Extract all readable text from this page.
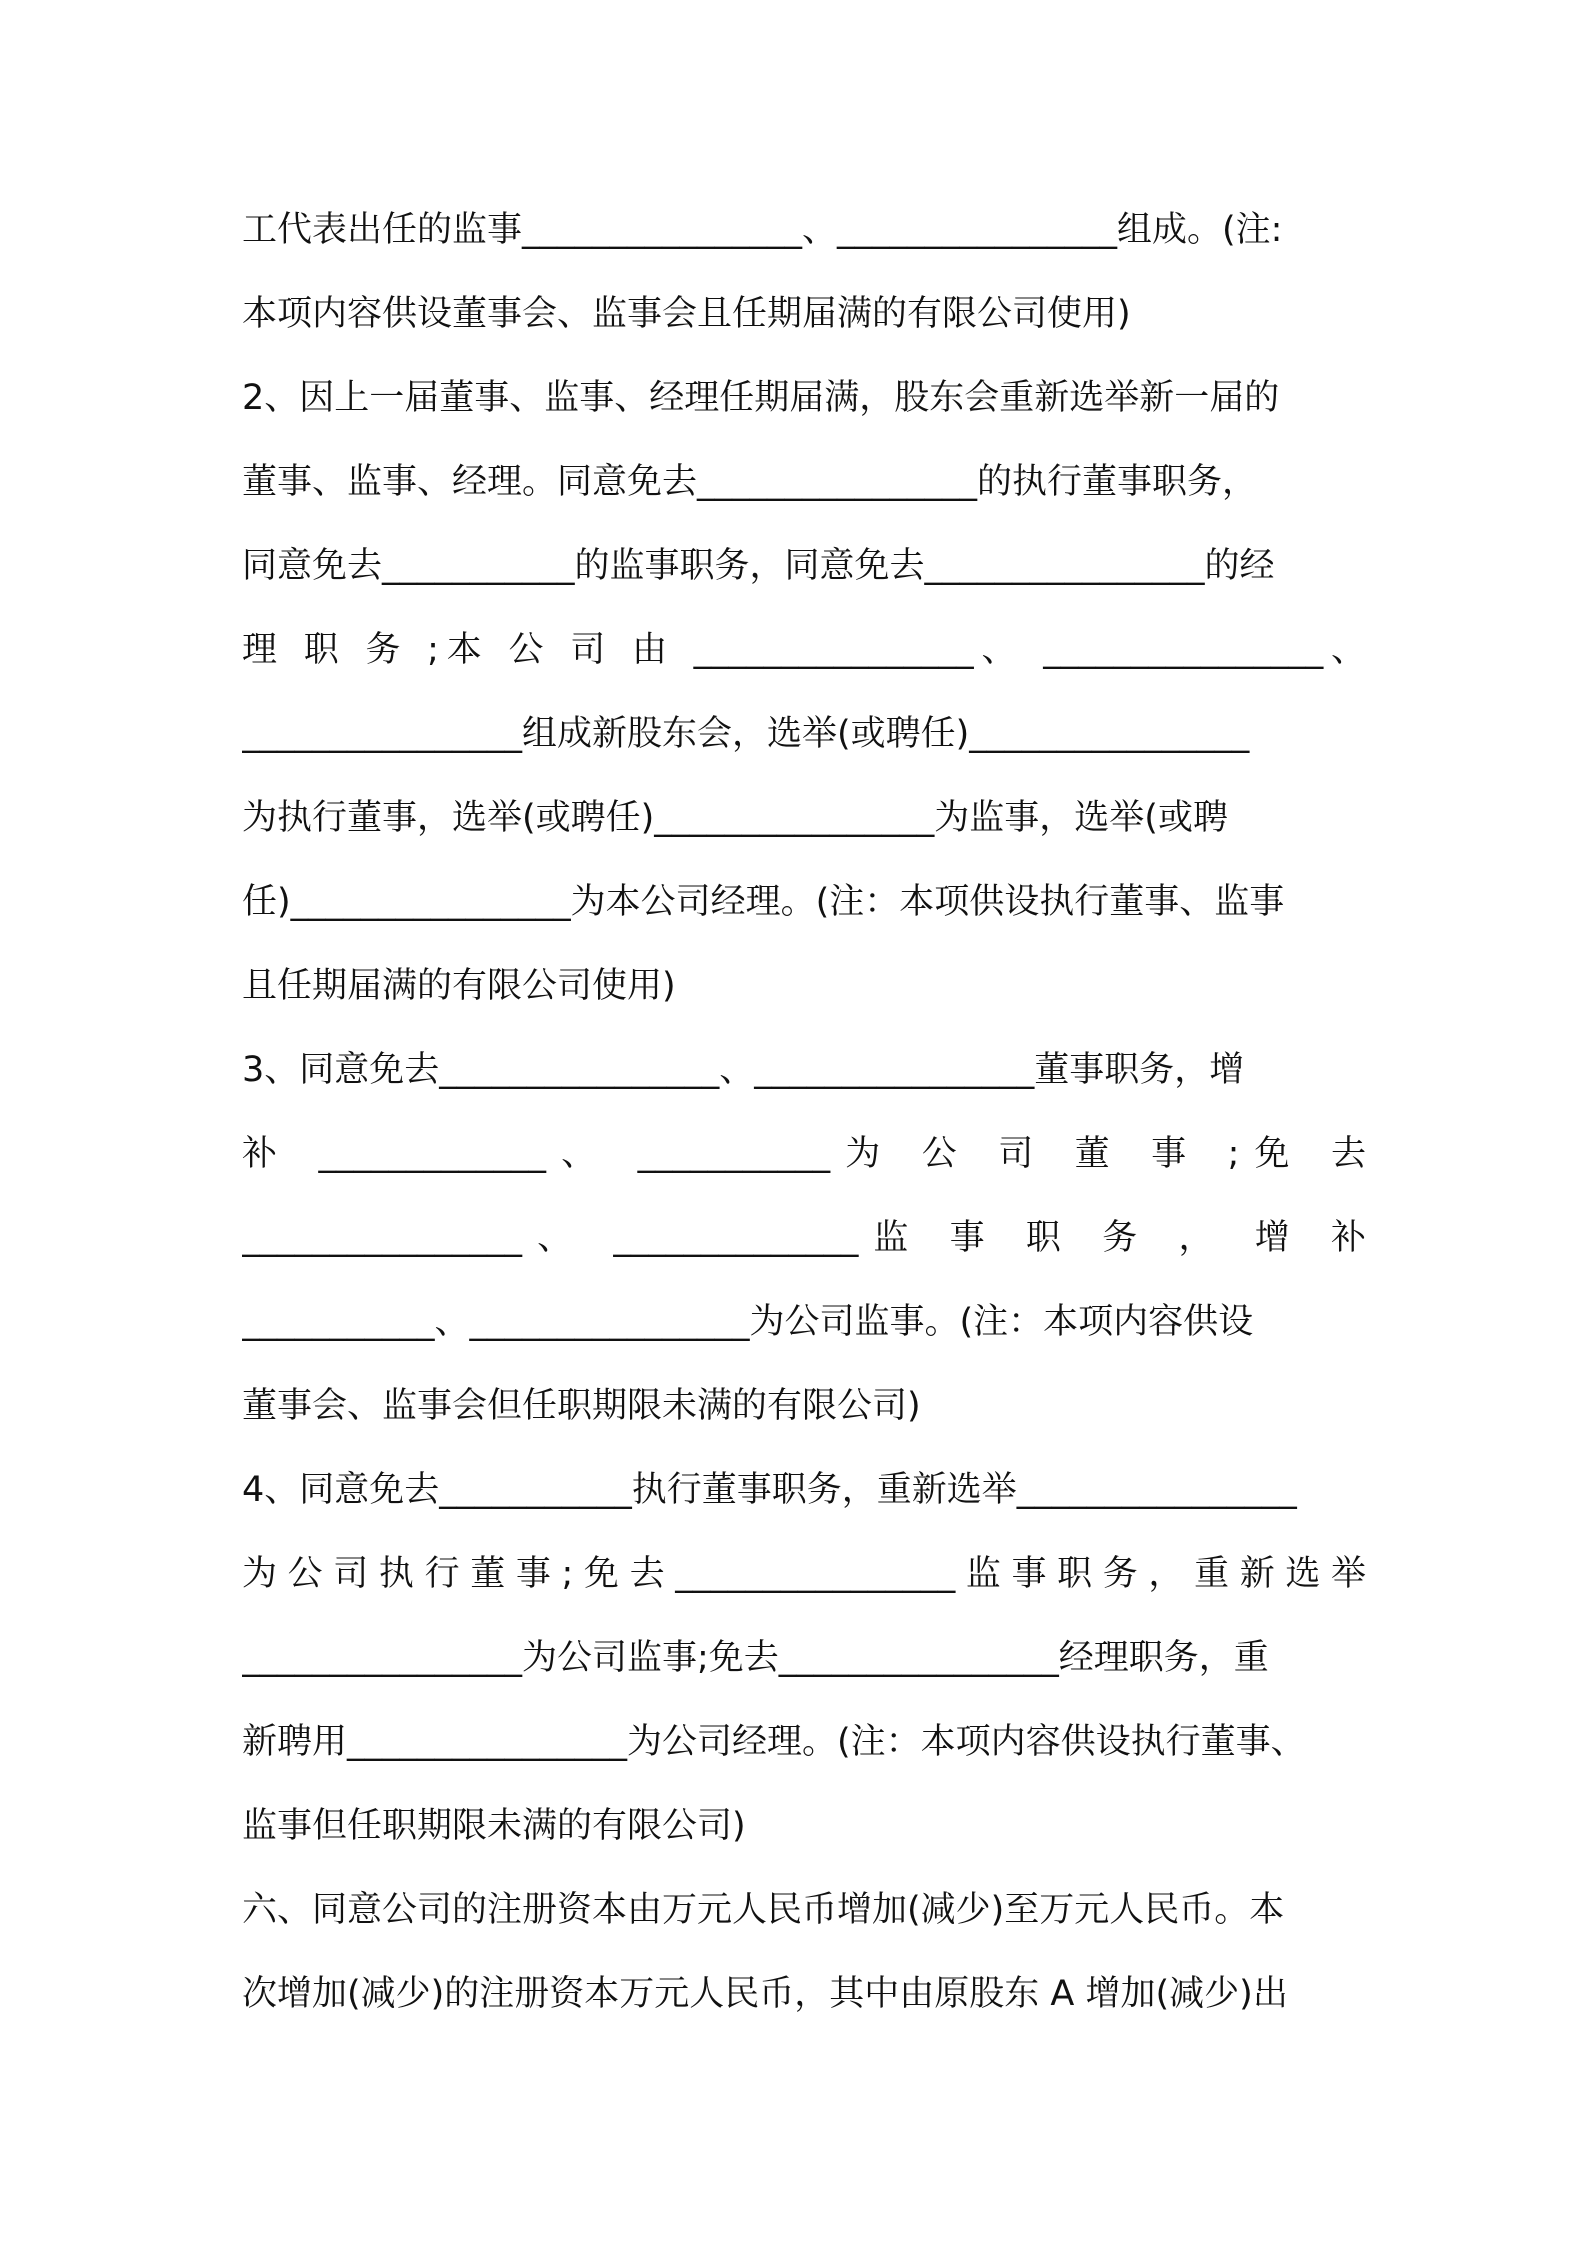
工代表出任的监事________________、________________组成。(注:
本项内容供设董事会、监事会且任期届满的有限公司使用)
2、因上一届董事、监事、经理任期届满，股东会重新选举新一届的
董事、监事、经理。同意免去________________的执行董事职务，
同意免去___________的监事职务，同意免去________________的经
理 职 务 ;本 公 司 由 ________________、 ________________、
________________组成新股东会，选举(或聘任)________________
为执行董事，选举(或聘任)________________为监事，选举(或聘
任)________________为本公司经理。(注：本项供设执行董事、监事
且任期届满的有限公司使用)
3、同意免去________________、________________董事职务，增
补 _____________、 ___________为 公 司 董 事 ;免 去
________________、 ______________监 事 职 务 ， 增 补
___________、________________为公司监事。(注：本项内容供设
董事会、监事会但任职期限未满的有限公司)
4、同意免去___________执行董事职务，重新选举________________
为公司执行董事;免去________________监事职务，重新选举
________________为公司监事;免去________________经理职务，重
新聘用________________为公司经理。(注：本项内容供设执行董事、
监事但任职期限未满的有限公司)
六、同意公司的注册资本由万元人民币增加(减少)至万元人民币。本
次增加(减少)的注册资本万元人民币，其中由原股东 A 增加(减少)出
